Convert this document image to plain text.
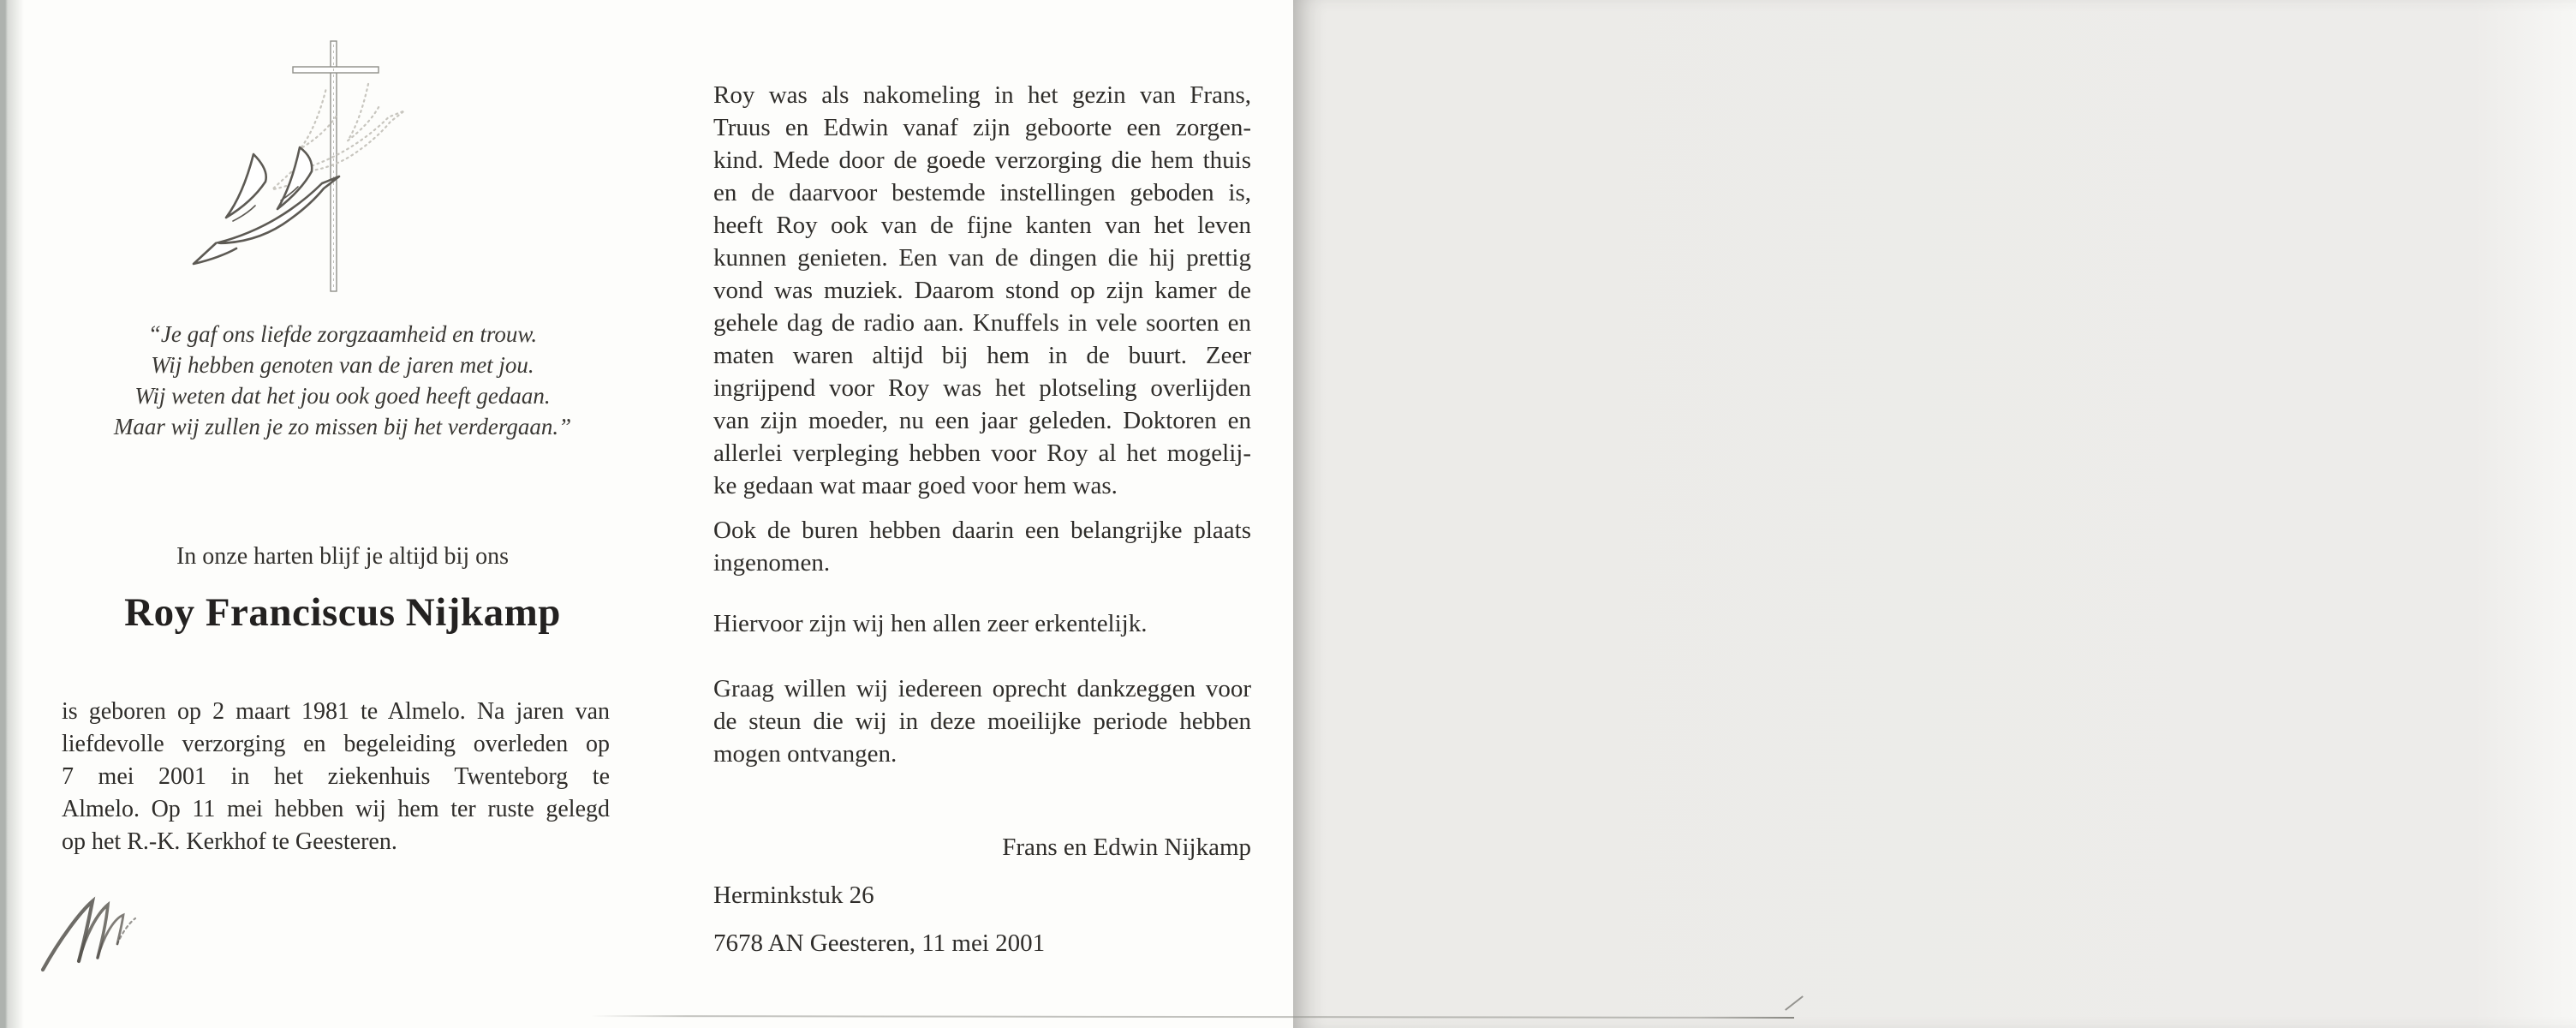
“Je gaf ons liefde zorgzaamheid en trouw.
Wij hebben genoten van de jaren met jou.
Wij weten dat het jou ook goed heeft gedaan.
Maar wij zullen je zo missen bij het verdergaan.”
In onze harten blijf je altijd bij ons
Roy Franciscus Nijkamp
is geboren op 2 maart 1981 te Almelo. Na jaren van
liefdevolle verzorging en begeleiding overleden op
7 mei 2001 in het ziekenhuis Twenteborg te
Almelo. Op 11 mei hebben wij hem ter ruste gelegd
op het R.-K. Kerkhof te Geesteren.
Roy was als nakomeling in het gezin van Frans,
Truus en Edwin vanaf zijn geboorte een zorgen-
kind. Mede door de goede verzorging die hem thuis
en de daarvoor bestemde instellingen geboden is,
heeft Roy ook van de fijne kanten van het leven
kunnen genieten. Een van de dingen die hij prettig
vond was muziek. Daarom stond op zijn kamer de
gehele dag de radio aan. Knuffels in vele soorten en
maten waren altijd bij hem in de buurt. Zeer
ingrijpend voor Roy was het plotseling overlijden
van zijn moeder, nu een jaar geleden. Doktoren en
allerlei verpleging hebben voor Roy al het mogelij-
ke gedaan wat maar goed voor hem was.
Ook de buren hebben daarin een belangrijke plaats
ingenomen.
Hiervoor zijn wij hen allen zeer erkentelijk.
Graag willen wij iedereen oprecht dankzeggen voor
de steun die wij in deze moeilijke periode hebben
mogen ontvangen.
Frans en Edwin Nijkamp
Herminkstuk 26
7678 AN Geesteren, 11 mei 2001
